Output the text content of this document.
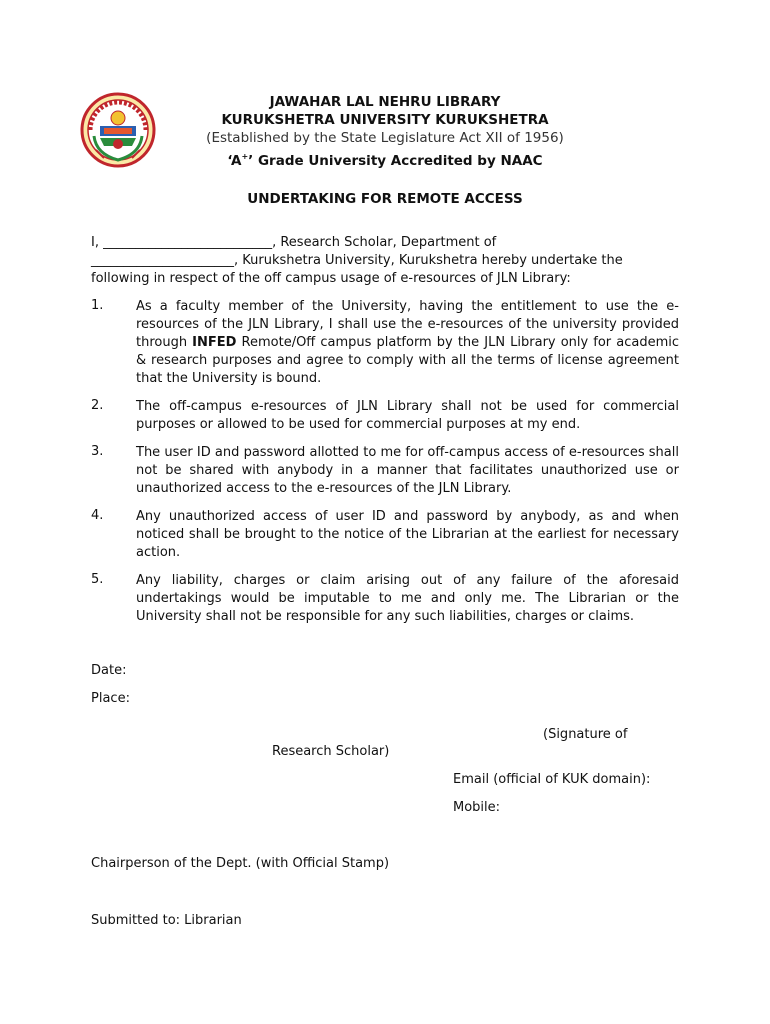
JAWAHAR LAL NEHRU LIBRARY
KURUKSHETRA UNIVERSITY KURUKSHETRA
(Established by the State Legislature Act XII of 1956)
‘A+’ Grade University Accredited by NAAC
UNDERTAKING FOR REMOTE ACCESS
I, __________________________, Research Scholar, Department of
______________________, Kurukshetra University, Kurukshetra hereby undertake the
following in respect of the off campus usage of e-resources of JLN Library:
1.	As a faculty member of the University, having the entitlement to use the e-resources of the JLN Library, I shall use the e-resources of the university provided through INFED Remote/Off campus platform by the JLN Library only for academic & research purposes and agree to comply with all the terms of license agreement that the University is bound.
2.	The off-campus e-resources of JLN Library shall not be used for commercial purposes or allowed to be used for commercial purposes at my end.
3.	The user ID and password allotted to me for off-campus access of e-resources shall not be shared with anybody in a manner that facilitates unauthorized use or unauthorized access to the e-resources of the JLN Library.
4.	Any unauthorized access of user ID and password by anybody, as and when noticed shall be brought to the notice of the Librarian at the earliest for necessary action.
5.	Any liability, charges or claim arising out of any failure of the aforesaid undertakings would be imputable to me and only me. The Librarian or the University shall not be responsible for any such liabilities, charges or claims.
Date:
Place:
(Signature of
Research Scholar)
Email (official of KUK domain):
Mobile:
Chairperson of the Dept. (with Official Stamp)
Submitted to: Librarian
